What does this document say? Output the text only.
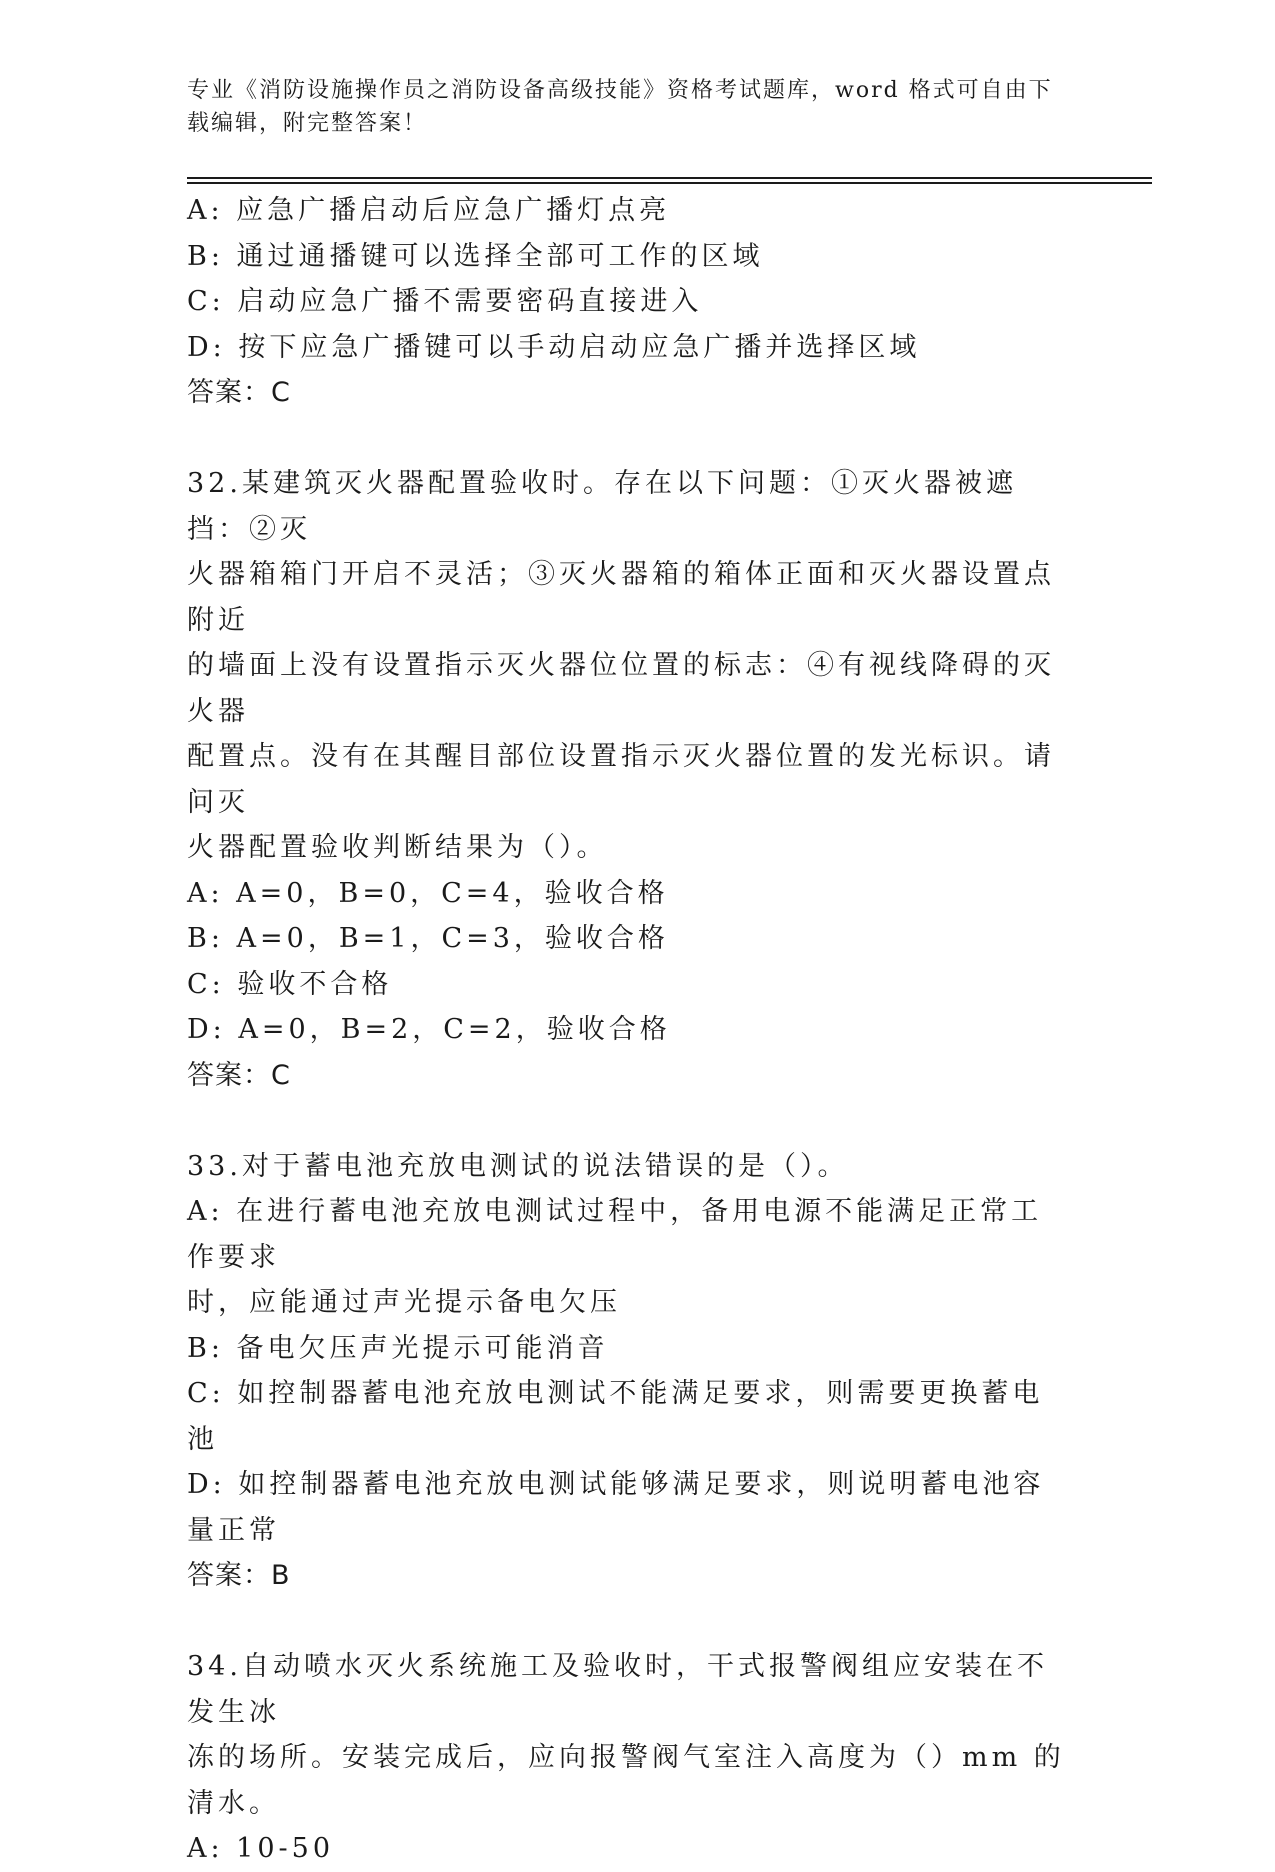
专业《消防设施操作员之消防设备高级技能》资格考试题库，word 格式可自由下
载编辑，附完整答案！
A: 应急广播启动后应急广播灯点亮
B: 通过通播键可以选择全部可工作的区域
C: 启动应急广播不需要密码直接进入
D: 按下应急广播键可以手动启动应急广播并选择区域
答案：C
32.某建筑灭火器配置验收时。存在以下问题：①灭火器被遮挡：②灭
火器箱箱门开启不灵活；③灭火器箱的箱体正面和灭火器设置点附近
的墙面上没有设置指示灭火器位位置的标志：④有视线降碍的灭火器
配置点。没有在其醒目部位设置指示灭火器位置的发光标识。请问灭
火器配置验收判断结果为（）。
A: A=0，B=0，C=4，验收合格
B: A=0，B=1，C=3，验收合格
C: 验收不合格
D: A=0，B=2，C=2，验收合格
答案：C
33.对于蓄电池充放电测试的说法错误的是（）。
A: 在进行蓄电池充放电测试过程中，备用电源不能满足正常工作要求
时，应能通过声光提示备电欠压
B: 备电欠压声光提示可能消音
C: 如控制器蓄电池充放电测试不能满足要求，则需要更换蓄电池
D: 如控制器蓄电池充放电测试能够满足要求，则说明蓄电池容量正常
答案：B
34.自动喷水灭火系统施工及验收时，干式报警阀组应安装在不发生冰
冻的场所。安装完成后，应向报警阀气室注入高度为（）mm 的清水。
A: 10-50
